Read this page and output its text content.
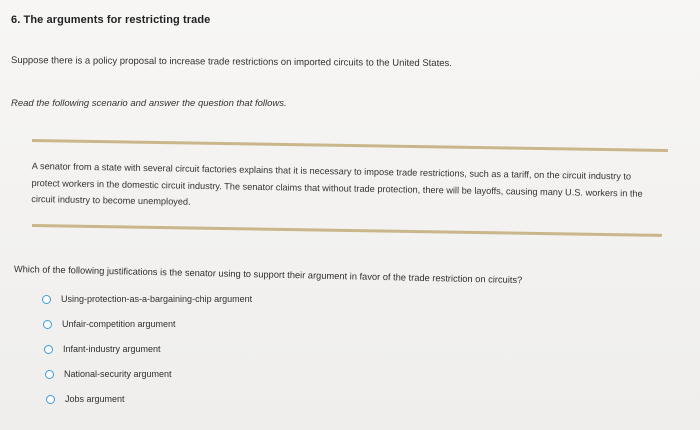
6. The arguments for restricting trade
Suppose there is a policy proposal to increase trade restrictions on imported circuits to the United States.
Read the following scenario and answer the question that follows.
A senator from a state with several circuit factories explains that it is necessary to impose trade restrictions, such as a tariff, on the circuit industry to protect workers in the domestic circuit industry. The senator claims that without trade protection, there will be layoffs, causing many U.S. workers in the circuit industry to become unemployed.
Which of the following justifications is the senator using to support their argument in favor of the trade restriction on circuits?
Using-protection-as-a-bargaining-chip argument
Unfair-competition argument
Infant-industry argument
National-security argument
Jobs argument
